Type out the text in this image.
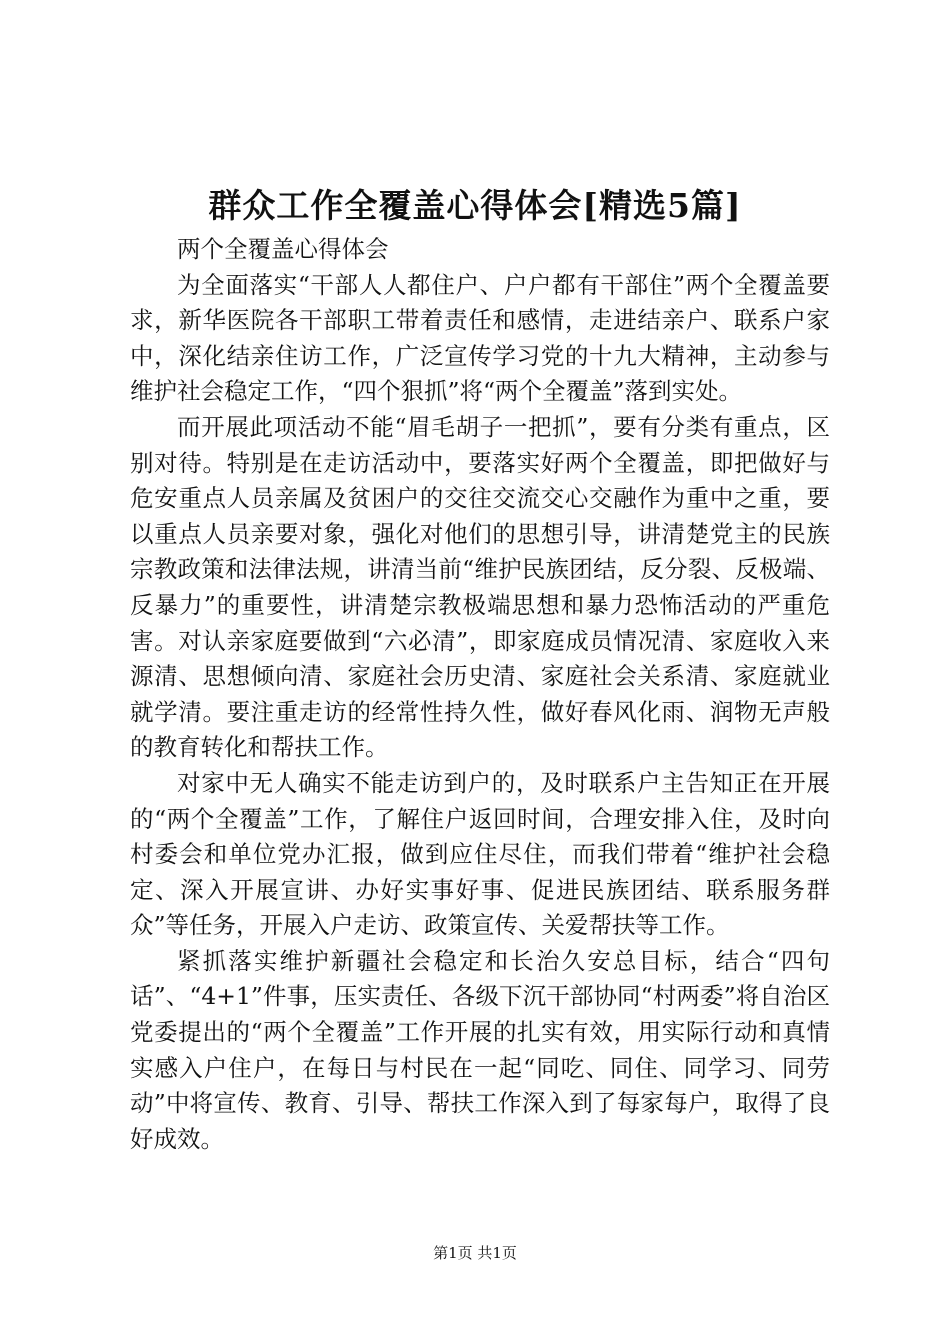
群众工作全覆盖心得体会[精选5篇]

两个全覆盖心得体会

为全面落实“干部人人都住户、户户都有干部住”两个全覆盖要求，新华医院各干部职工带着责任和感情，走进结亲户、联系户家中，深化结亲住访工作，广泛宣传学习党的十九大精神，主动参与维护社会稳定工作，“四个狠抓”将“两个全覆盖”落到实处。

而开展此项活动不能“眉毛胡子一把抓”，要有分类有重点，区别对待。特别是在走访活动中，要落实好两个全覆盖，即把做好与危安重点人员亲属及贫困户的交往交流交心交融作为重中之重，要以重点人员亲要对象，强化对他们的思想引导，讲清楚党主的民族宗教政策和法律法规，讲清当前“维护民族团结，反分裂、反极端、反暴力”的重要性，讲清楚宗教极端思想和暴力恐怖活动的严重危害。对认亲家庭要做到“六必清”，即家庭成员情况清、家庭收入来源清、思想倾向清、家庭社会历史清、家庭社会关系清、家庭就业就学清。要注重走访的经常性持久性，做好春风化雨、润物无声般的教育转化和帮扶工作。

对家中无人确实不能走访到户的，及时联系户主告知正在开展的“两个全覆盖”工作，了解住户返回时间，合理安排入住，及时向村委会和单位党办汇报，做到应住尽住，而我们带着“维护社会稳定、深入开展宣讲、办好实事好事、促进民族团结、联系服务群众”等任务，开展入户走访、政策宣传、关爱帮扶等工作。

紧抓落实维护新疆社会稳定和长治久安总目标，结合“四句话”、“4+1”件事，压实责任、各级下沉干部协同“村两委”将自治区党委提出的“两个全覆盖”工作开展的扎实有效，用实际行动和真情实感入户住户，在每日与村民在一起“同吃、同住、同学习、同劳动”中将宣传、教育、引导、帮扶工作深入到了每家每户，取得了良好成效。

第1页 共1页
